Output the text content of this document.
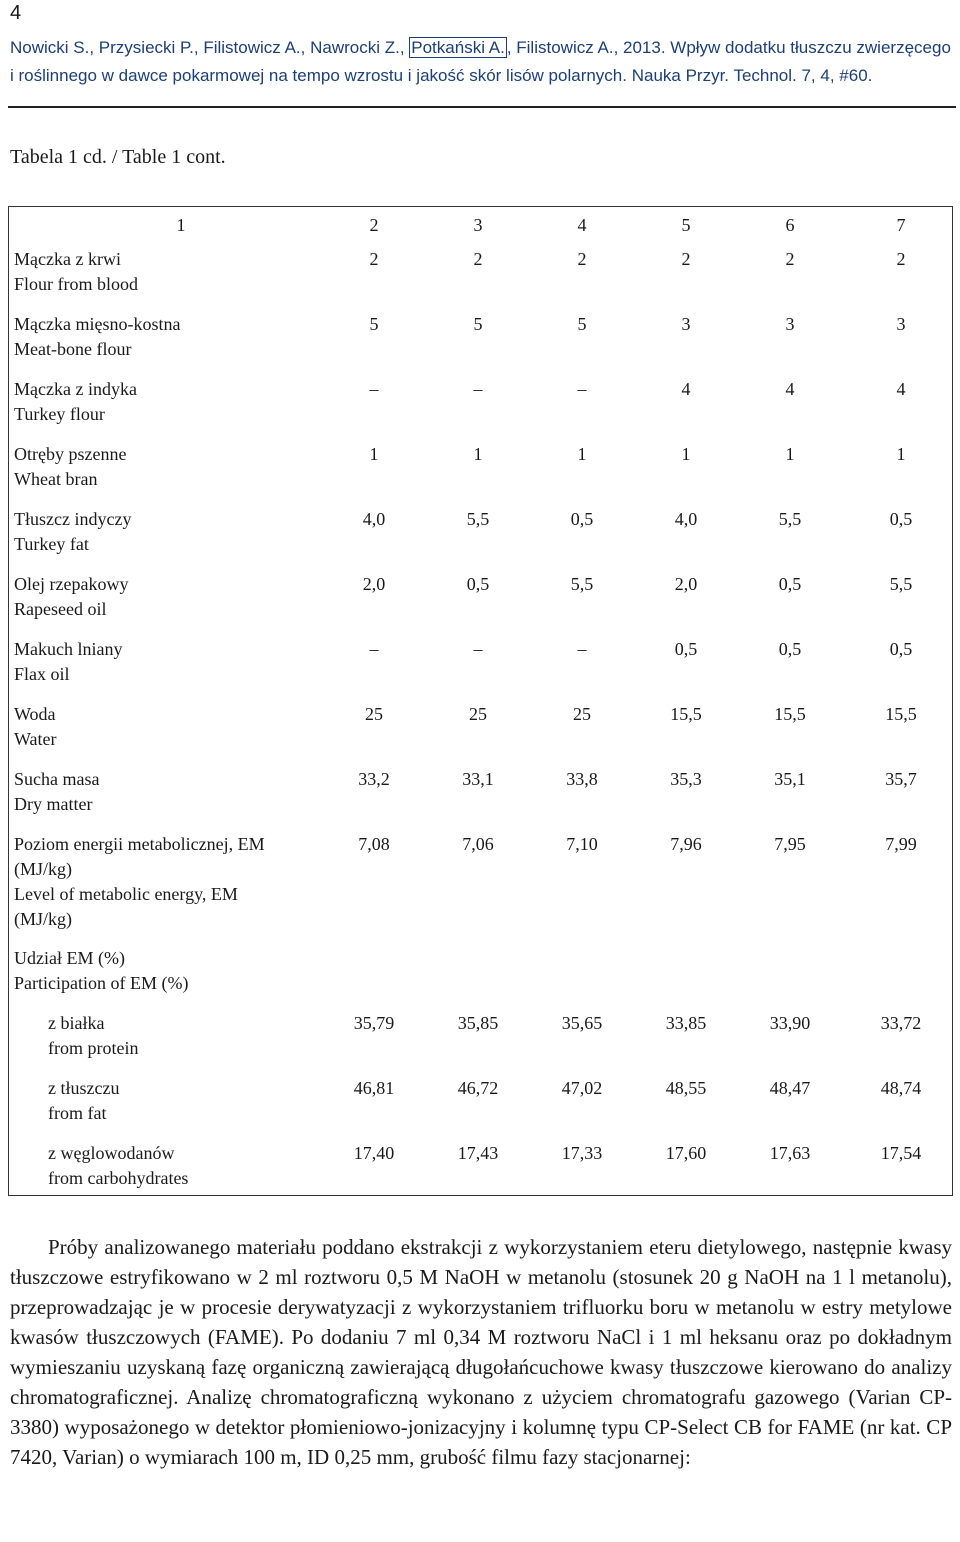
4
Nowicki S., Przysiecki P., Filistowicz A., Nawrocki Z., Potkański A. , Filistowicz A., 2013. Wpływ dodatku tłuszczu zwierzęcego i roślinnego w dawce pokarmowej na tempo wzrostu i jakość skór lisów polarnych. Nauka Przyr. Technol. 7, 4, #60.
Tabela 1 cd. / Table 1 cont.
1	2	3	4	5	6	7
Mączka z krwi
Flour from blood
2	2	2	2	2	2
Mączka mięsno-kostna
Meat-bone flour
5	5	5	3	3	3
Mączka z indyka
Turkey flour
–	–	–	4	4	4
Otręby pszenne
Wheat bran
1	1	1	1	1	1
Tłuszcz indyczy
Turkey fat
4,0	5,5	0,5	4,0	5,5	0,5
Olej rzepakowy
Rapeseed oil
2,0	0,5	5,5	2,0	0,5	5,5
Makuch lniany
Flax oil
–	–	–	0,5	0,5	0,5
Woda
Water
25	25	25	15,5	15,5	15,5
Sucha masa
Dry matter
33,2	33,1	33,8	35,3	35,1	35,7
Poziom energii metabolicznej, EM
(MJ/kg)
Level of metabolic energy, EM
(MJ/kg)
7,08	7,06	7,10	7,96	7,95	7,99
Udział EM (%)
Participation of EM (%)
z białka
from protein
35,79	35,85	35,65	33,85	33,90	33,72
z tłuszczu
from fat
46,81	46,72	47,02	48,55	48,47	48,74
z węglowodanów
from carbohydrates
17,40	17,43	17,33	17,60	17,63	17,54

Próby analizowanego materiału poddano ekstrakcji z wykorzystaniem eteru dietylowego, następnie kwasy tłuszczowe estryfikowano w 2 ml roztworu 0,5 M NaOH w metanolu (stosunek 20 g NaOH na 1 l metanolu), przeprowadzając je w procesie derywatyzacji z wykorzystaniem trifluorku boru w metanolu w estry metylowe kwasów tłuszczowych (FAME). Po dodaniu 7 ml 0,34 M roztworu NaCl i 1 ml heksanu oraz po dokładnym wymieszaniu uzyskaną fazę organiczną zawierającą długołańcuchowe kwasy tłuszczowe kierowano do analizy chromatograficznej. Analizę chromatograficzną wykonano z użyciem chromatografu gazowego (Varian CP-3380) wyposażonego w detektor płomieniowo-jonizacyjny i kolumnę typu CP-Select CB for FAME (nr kat. CP 7420, Varian) o wymiarach 100 m, ID 0,25 mm, grubość filmu fazy stacjonarnej:
